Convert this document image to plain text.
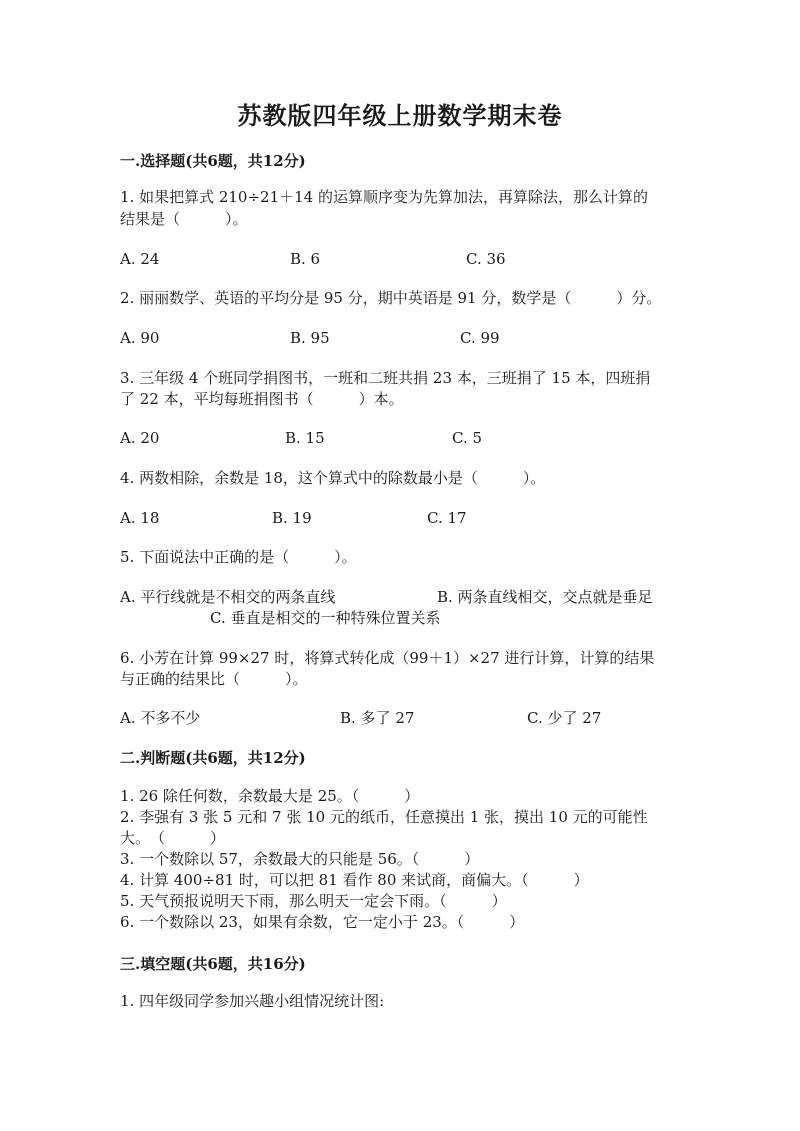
苏教版四年级上册数学期末卷
一.选择题(共6题，共12分)
1. 如果把算式 210÷21＋14 的运算顺序变为先算加法，再算除法，那么计算的
结果是（　　　）。
A. 24	B. 6	C. 36
2. 丽丽数学、英语的平均分是 95 分，期中英语是 91 分，数学是（　　　）分。
A. 90	B. 95	C. 99
3. 三年级 4 个班同学捐图书，一班和二班共捐 23 本，三班捐了 15 本，四班捐
了 22 本，平均每班捐图书（　　　）本。
A. 20	B. 15	C. 5
4. 两数相除，余数是 18，这个算式中的除数最小是（　　　）。
A. 18	B. 19	C. 17
5. 下面说法中正确的是（　　　）。
A. 平行线就是不相交的两条直线	B. 两条直线相交，交点就是垂足
C. 垂直是相交的一种特殊位置关系
6. 小芳在计算 99×27 时，将算式转化成（99＋1）×27 进行计算，计算的结果
与正确的结果比（　　　）。
A. 不多不少	B. 多了 27	C. 少了 27
二.判断题(共6题，共12分)
1. 26 除任何数，余数最大是 25。（　　　）
2. 李强有 3 张 5 元和 7 张 10 元的纸币，任意摸出 1 张，摸出 10 元的可能性
大。　（　　　）
3. 一个数除以 57，余数最大的只能是 56。（　　　）
4. 计算 400÷81 时，可以把 81 看作 80 来试商，商偏大。（　　　）
5. 天气预报说明天下雨，那么明天一定会下雨。（　　　）
6. 一个数除以 23，如果有余数，它一定小于 23。（　　　）
三.填空题(共6题，共16分)
1. 四年级同学参加兴趣小组情况统计图:
